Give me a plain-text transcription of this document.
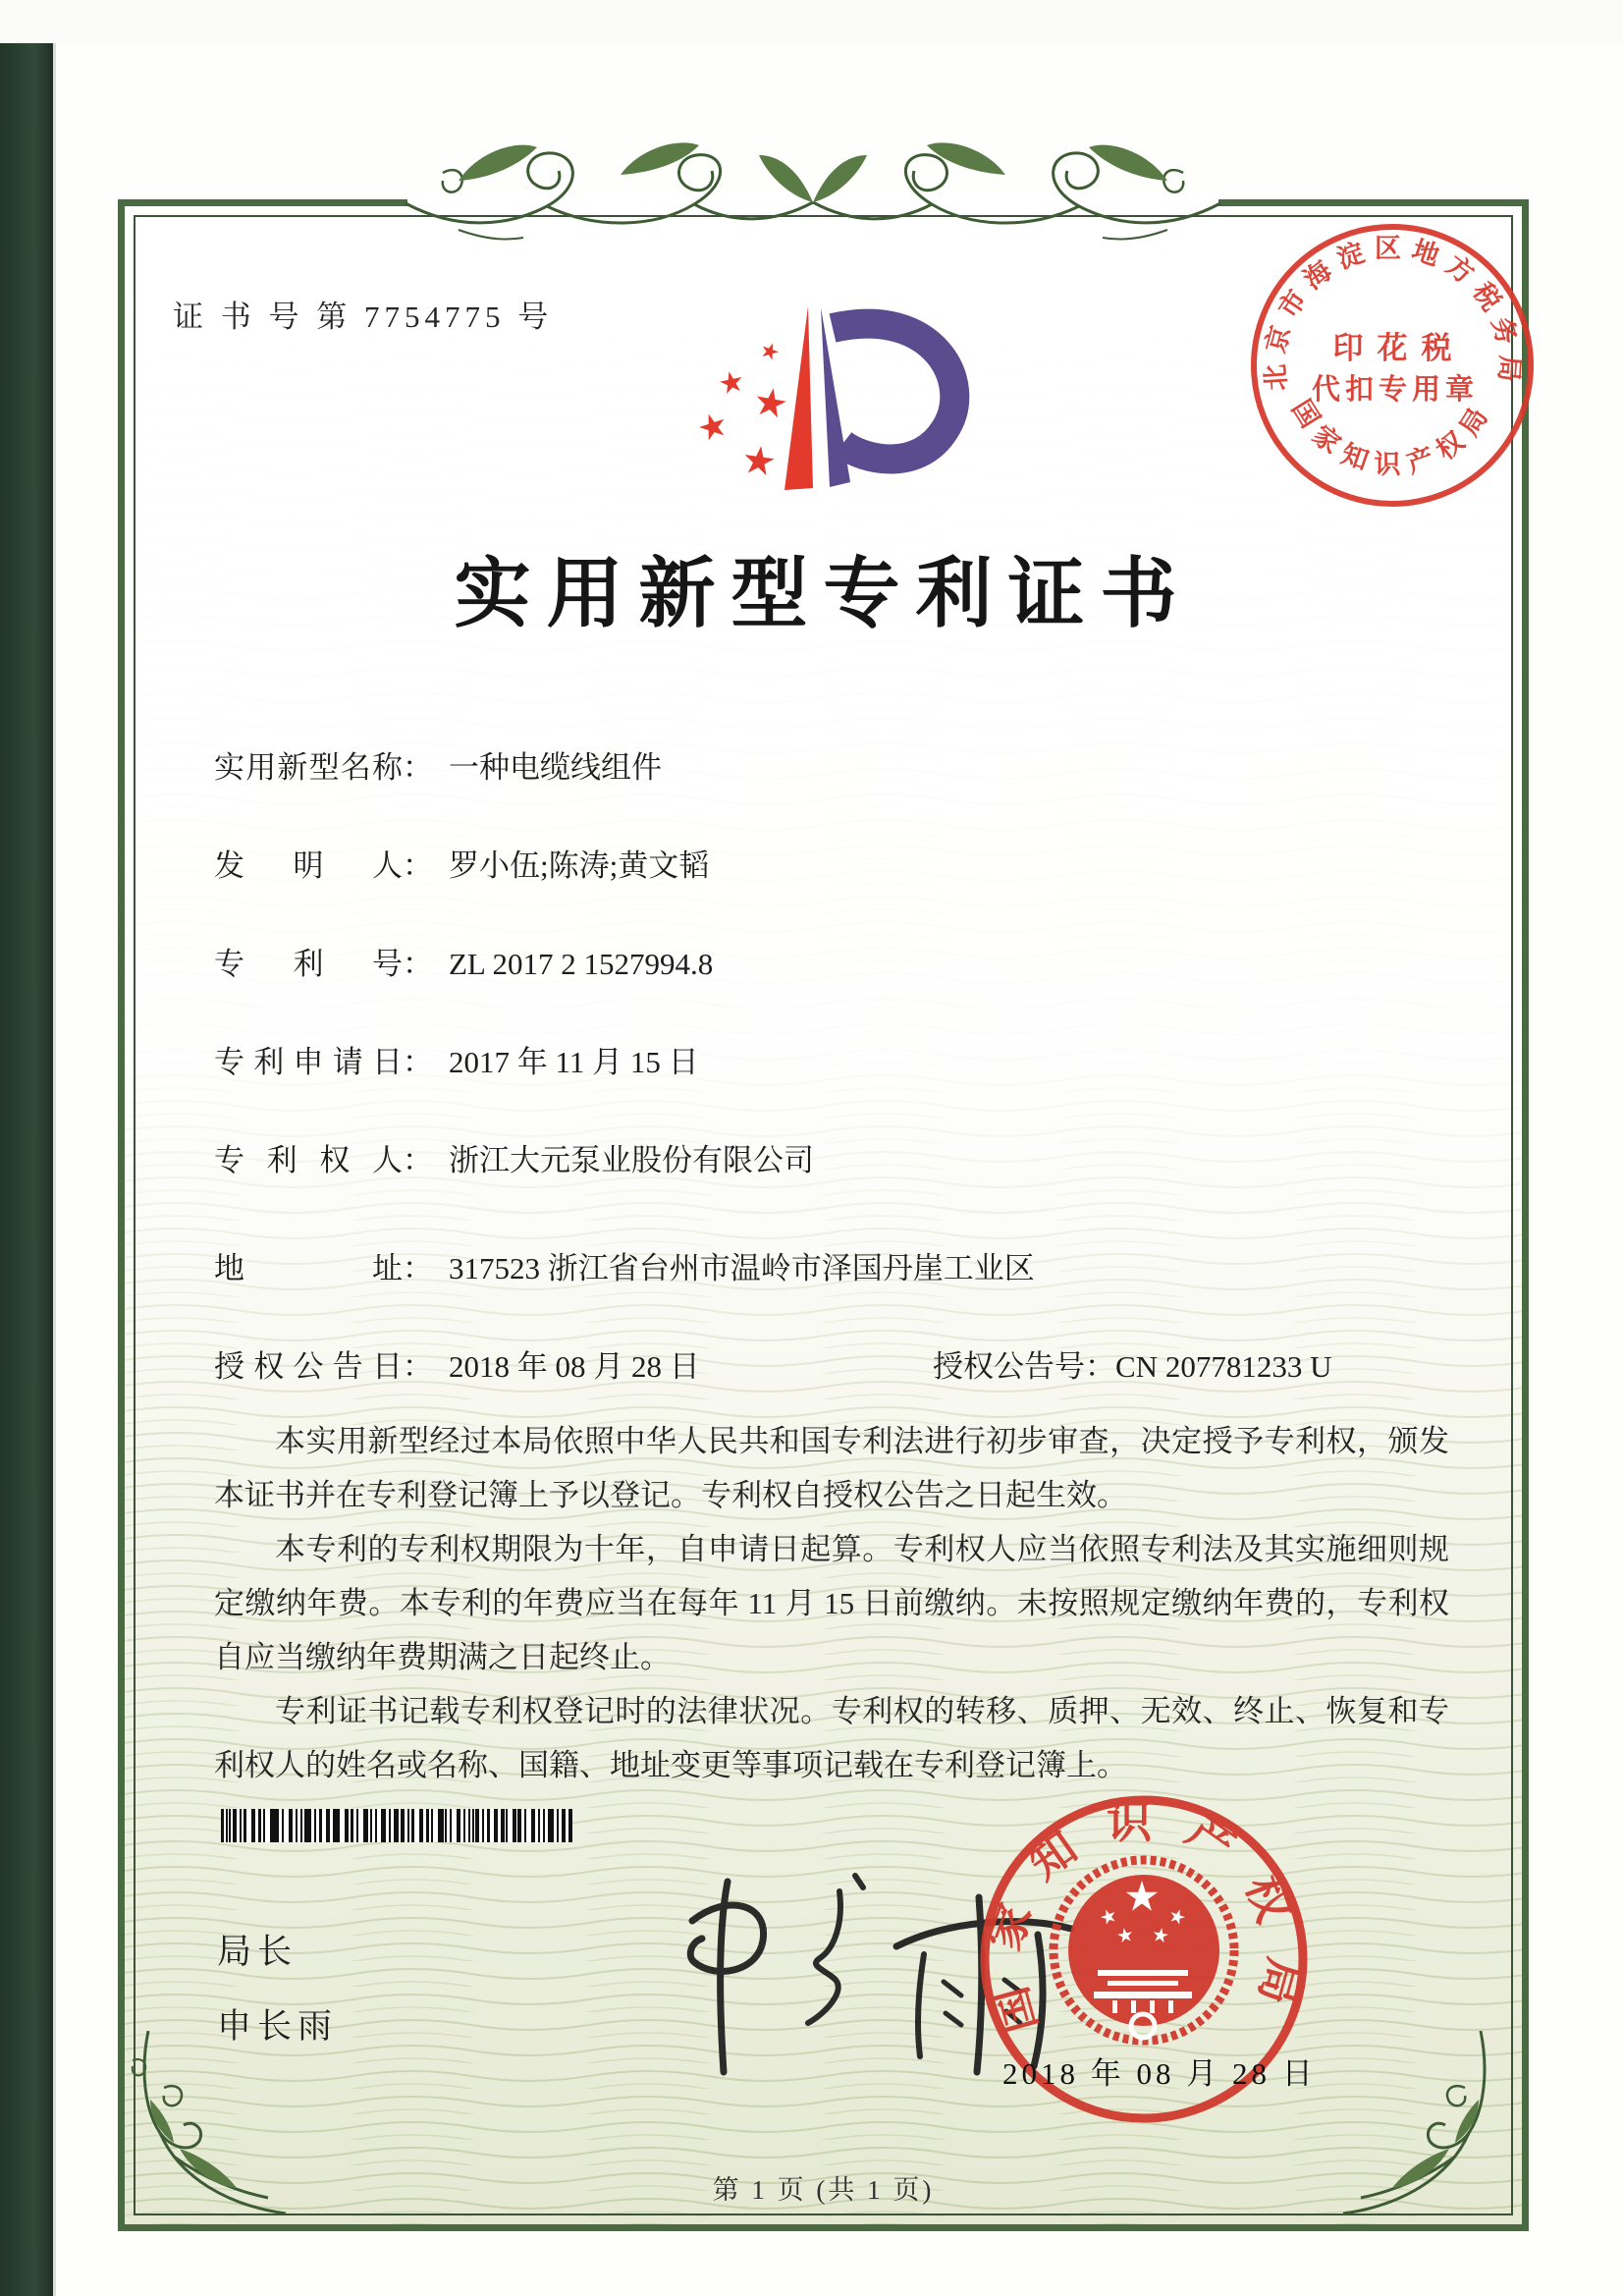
证 书 号 第 7754775 号
北京市海淀区地方税务局
国家知识产权局
印花税
代扣专用章
实用新型专利证书
实用新型名称： 一种电缆线组件
发明人： 罗小伍;陈涛;黄文韬
专利号： ZL 2017 2 1527994.8
专利申请日： 2017 年 11 月 15 日
专利权人： 浙江大元泵业股份有限公司
地址： 317523 浙江省台州市温岭市泽国丹崖工业区
授权公告日： 2018 年 08 月 28 日	授权公告号：CN 207781233 U

本实用新型经过本局依照中华人民共和国专利法进行初步审查，决定授予专利权，颁发本证书并在专利登记簿上予以登记。专利权自授权公告之日起生效。

本专利的专利权期限为十年，自申请日起算。专利权人应当依照专利法及其实施细则规定缴纳年费。本专利的年费应当在每年 11 月 15 日前缴纳。未按照规定缴纳年费的，专利权自应当缴纳年费期满之日起终止。

专利证书记载专利权登记时的法律状况。专利权的转移、质押、无效、终止、恢复和专利权人的姓名或名称、国籍、地址变更等事项记载在专利登记簿上。

局长
申长雨	国家知识产权局
2018 年 08 月 28 日
第 1 页 (共 1 页)
